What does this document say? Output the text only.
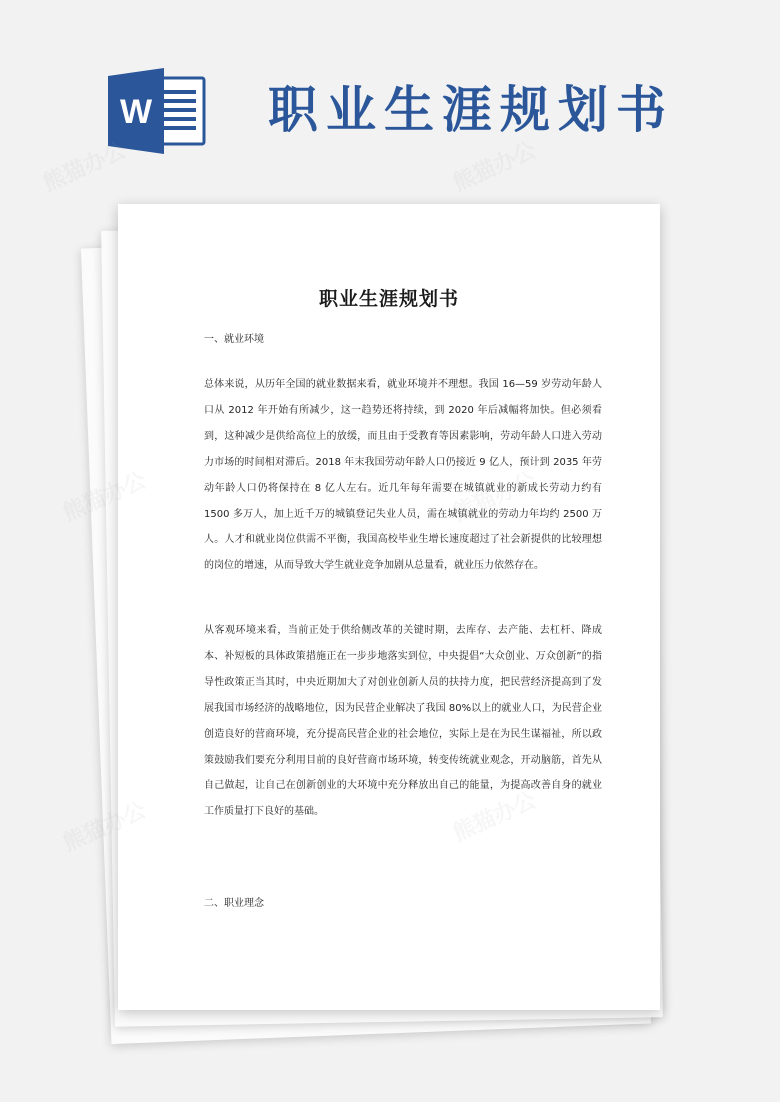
W 职业生涯规划书
职业生涯规划书
一、就业环境

总体来说，从历年全国的就业数据来看，就业环境并不理想。我国 16—59 岁劳动年龄人口从 2012 年开始有所减少，这一趋势还将持续，到 2020 年后减幅将加快。但必须看到，这种减少是供给高位上的放缓，而且由于受教育等因素影响，劳动年龄人口进入劳动力市场的时间相对滞后。2018 年末我国劳动年龄人口仍接近 9 亿人，预计到 2035 年劳动年龄人口仍将保持在 8 亿人左右。近几年每年需要在城镇就业的新成长劳动力约有 1500 多万人，加上近千万的城镇登记失业人员，需在城镇就业的劳动力年均约 2500 万人。人才和就业岗位供需不平衡，我国高校毕业生增长速度超过了社会新提供的比较理想的岗位的增速，从而导致大学生就业竞争加剧从总量看，就业压力依然存在。

从客观环境来看，当前正处于供给侧改革的关键时期，去库存、去产能、去杠杆、降成本、补短板的具体政策措施正在一步步地落实到位，中央提倡“大众创业、万众创新”的指导性政策正当其时，中央近期加大了对创业创新人员的扶持力度，把民营经济提高到了发展我国市场经济的战略地位，因为民营企业解决了我国 80%以上的就业人口，为民营企业创造良好的营商环境，充分提高民营企业的社会地位，实际上是在为民生谋福祉，所以政策鼓励我们要充分利用目前的良好营商市场环境，转变传统就业观念，开动脑筋，首先从自己做起，让自己在创新创业的大环境中充分释放出自己的能量，为提高改善自身的就业工作质量打下良好的基础。

二、职业理念
熊猫办公	熊猫办公
